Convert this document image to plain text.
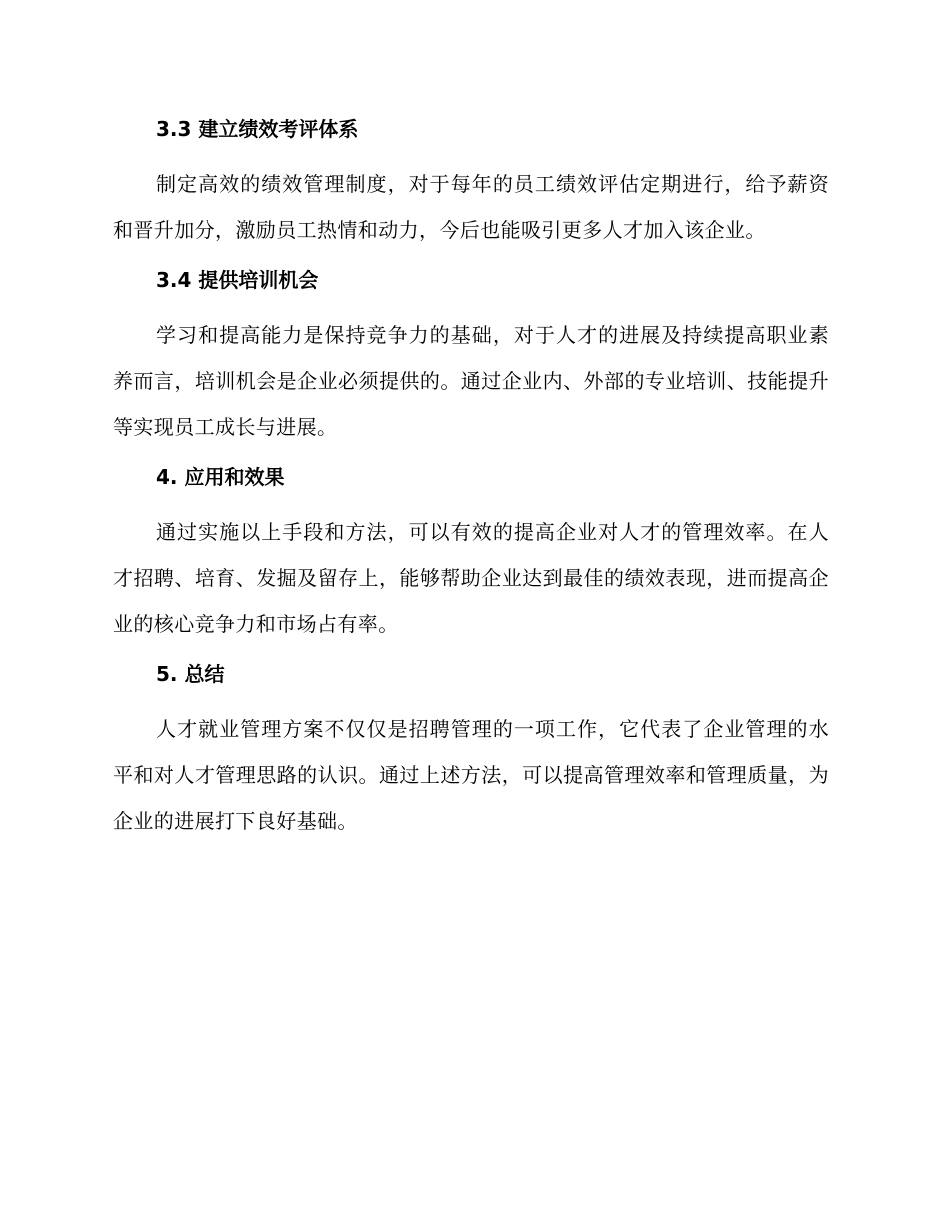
3.3 建立绩效考评体系

制定高效的绩效管理制度，对于每年的员工绩效评估定期进行，给予薪资和晋升加分，激励员工热情和动力，今后也能吸引更多人才加入该企业。

3.4 提供培训机会

学习和提高能力是保持竞争力的基础，对于人才的进展及持续提高职业素养而言，培训机会是企业必须提供的。通过企业内、外部的专业培训、技能提升等实现员工成长与进展。

4. 应用和效果

通过实施以上手段和方法，可以有效的提高企业对人才的管理效率。在人才招聘、培育、发掘及留存上，能够帮助企业达到最佳的绩效表现，进而提高企业的核心竞争力和市场占有率。

5. 总结

人才就业管理方案不仅仅是招聘管理的一项工作，它代表了企业管理的水平和对人才管理思路的认识。通过上述方法，可以提高管理效率和管理质量，为企业的进展打下良好基础。
